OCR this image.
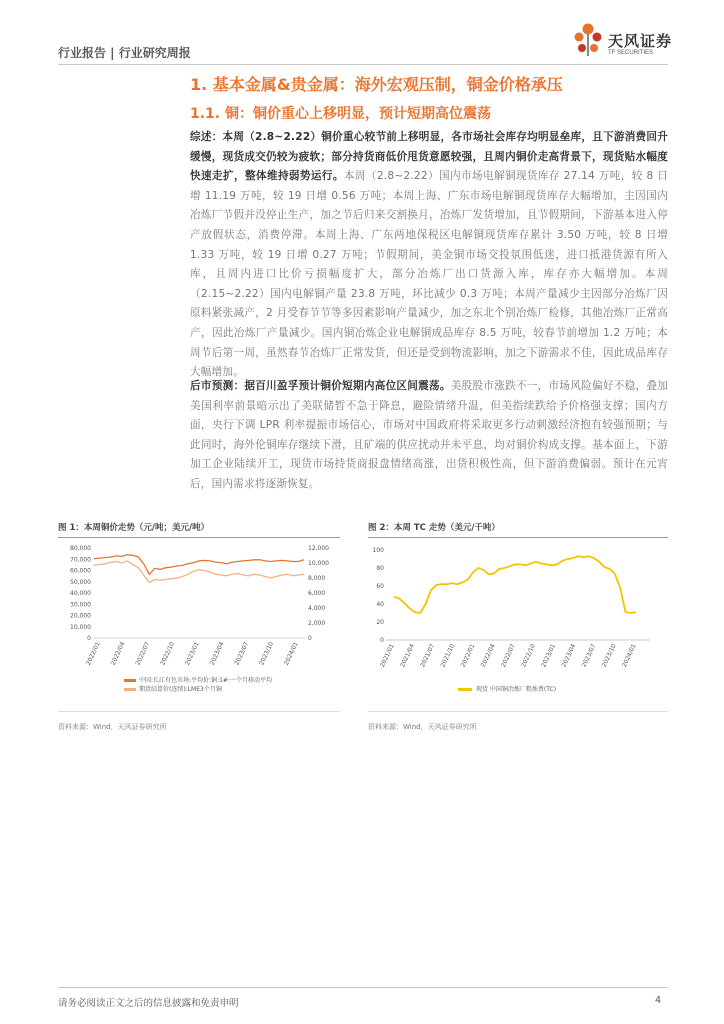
行业报告 | 行业研究周报
天风证券
TF SECURITIES
1. 基本金属&贵金属：海外宏观压制，铜金价格承压
1.1. 铜：铜价重心上移明显，预计短期高位震荡
综述：本周（2.8~2.22）铜价重心较节前上移明显，各市场社会库存均明显垒库，且下游消费回升缓慢，现货成交仍较为疲软；部分持货商低价甩货意愿较强，且周内铜价走高背景下，现货贴水幅度快速走扩，整体维持弱势运行。本周（2.8~2.22）国内市场电解铜现货库存 27.14 万吨，较 8 日增 11.19 万吨，较 19 日增 0.56 万吨；本周上海、广东市场电解铜现货库存大幅增加，主因国内冶炼厂节假并没停止生产，加之节后归来交割换月，冶炼厂发货增加，且节假期间，下游基本进入停产放假状态，消费停滞。本周上海、广东两地保税区电解铜现货库存累计 3.50 万吨，较 8 日增 1.33 万吨，较 19 日增 0.27 万吨；节假期间，美金铜市场交投氛围低迷，进口抵港货源有所入库，且周内进口比价亏损幅度扩大，部分冶炼厂出口货源入库，库存亦大幅增加。本周（2.15~2.22）国内电解铜产量 23.8 万吨，环比减少 0.3 万吨；本周产量减少主因部分冶炼厂因原料紧张减产，2 月受春节节等多因素影响产量减少，加之东北个别冶炼厂检修，其他冶炼厂正常高产，因此冶炼厂产量减少。国内铜冶炼企业电解铜成品库存 8.5 万吨，较春节前增加 1.2 万吨；本周节后第一周，虽然春节冶炼厂正常发货，但还是受到物流影响，加之下游需求不佳，因此成品库存大幅增加。
后市预测：据百川盈孚预计铜价短期内高位区间震荡。美股股市涨跌不一，市场风险偏好不稳，叠加美国利率前景暗示出了美联储暂不急于降息，避险情绪升温，但美指续跌给予价格强支撑；国内方面，央行下调 LPR 利率提振市场信心，市场对中国政府将采取更多行动刺激经济抱有较强预期；与此同时，海外伦铜库存继续下滑，且矿端的供应扰动并未平息，均对铜价构成支撑。基本面上，下游加工企业陆续开工，现货市场持货商报盘情绪高涨，出货积极性高，但下游消费偏弱。预计在元宵后，国内需求将逐渐恢复。
图 1：本周铜价走势（元/吨；美元/吨）
0
10,000
20,000
30,000
40,000
50,000
60,000
70,000
80,000
0
2,000
4,000
6,000
8,000
10,000
12,000
2022/01 2022/04 2022/07 2022/10 2023/01 2023/04 2023/07 2023/10 2024/01
中国:长江有色市场:平均价:铜:1#:一个月移动平均
期货结算价(连续):LME3个月铜
资料来源：Wind，天风证券研究所
图 2：本周 TC 走势（美元/千吨）
0
20
40
60
80
100
2021/01 2021/04 2021/07 2021/10 2022/01 2022/04 2022/07 2022/10 2023/01 2023/04 2023/07 2023/10 2024/01
现货 中国铜冶炼厂粗炼费(TC)
资料来源：Wind，天风证券研究所
请务必阅读正文之后的信息披露和免责申明	4
